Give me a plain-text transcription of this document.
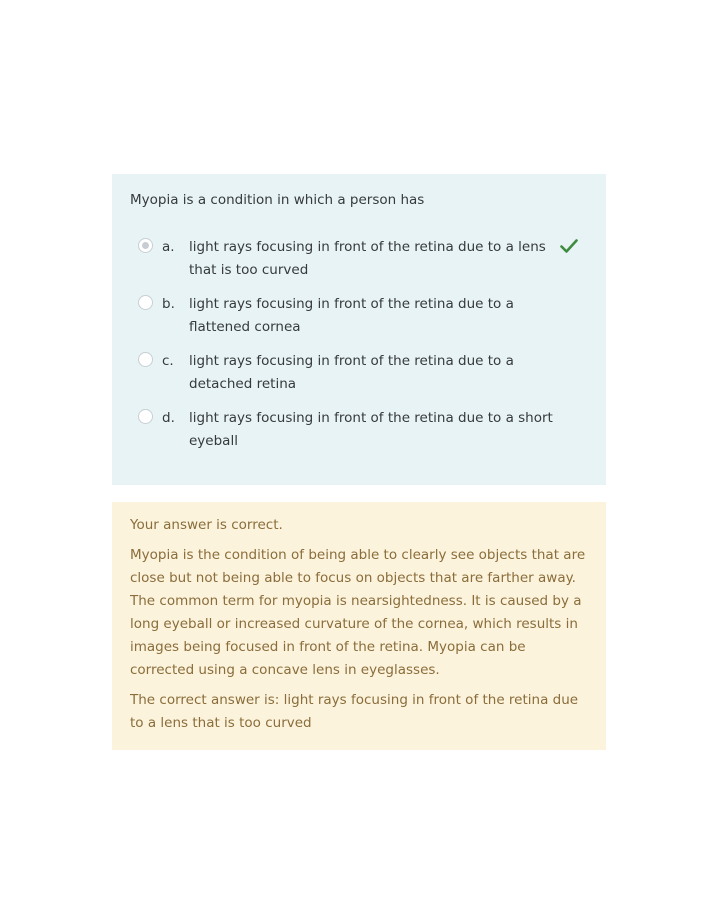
Myopia is a condition in which a person has

a. light rays focusing in front of the retina due to a lens that is too curved
b. light rays focusing in front of the retina due to a flattened cornea
c. light rays focusing in front of the retina due to a detached retina
d. light rays focusing in front of the retina due to a short eyeball

Your answer is correct.

Myopia is the condition of being able to clearly see objects that are close but not being able to focus on objects that are farther away. The common term for myopia is nearsightedness. It is caused by a long eyeball or increased curvature of the cornea, which results in images being focused in front of the retina. Myopia can be corrected using a concave lens in eyeglasses.

The correct answer is: light rays focusing in front of the retina due to a lens that is too curved
